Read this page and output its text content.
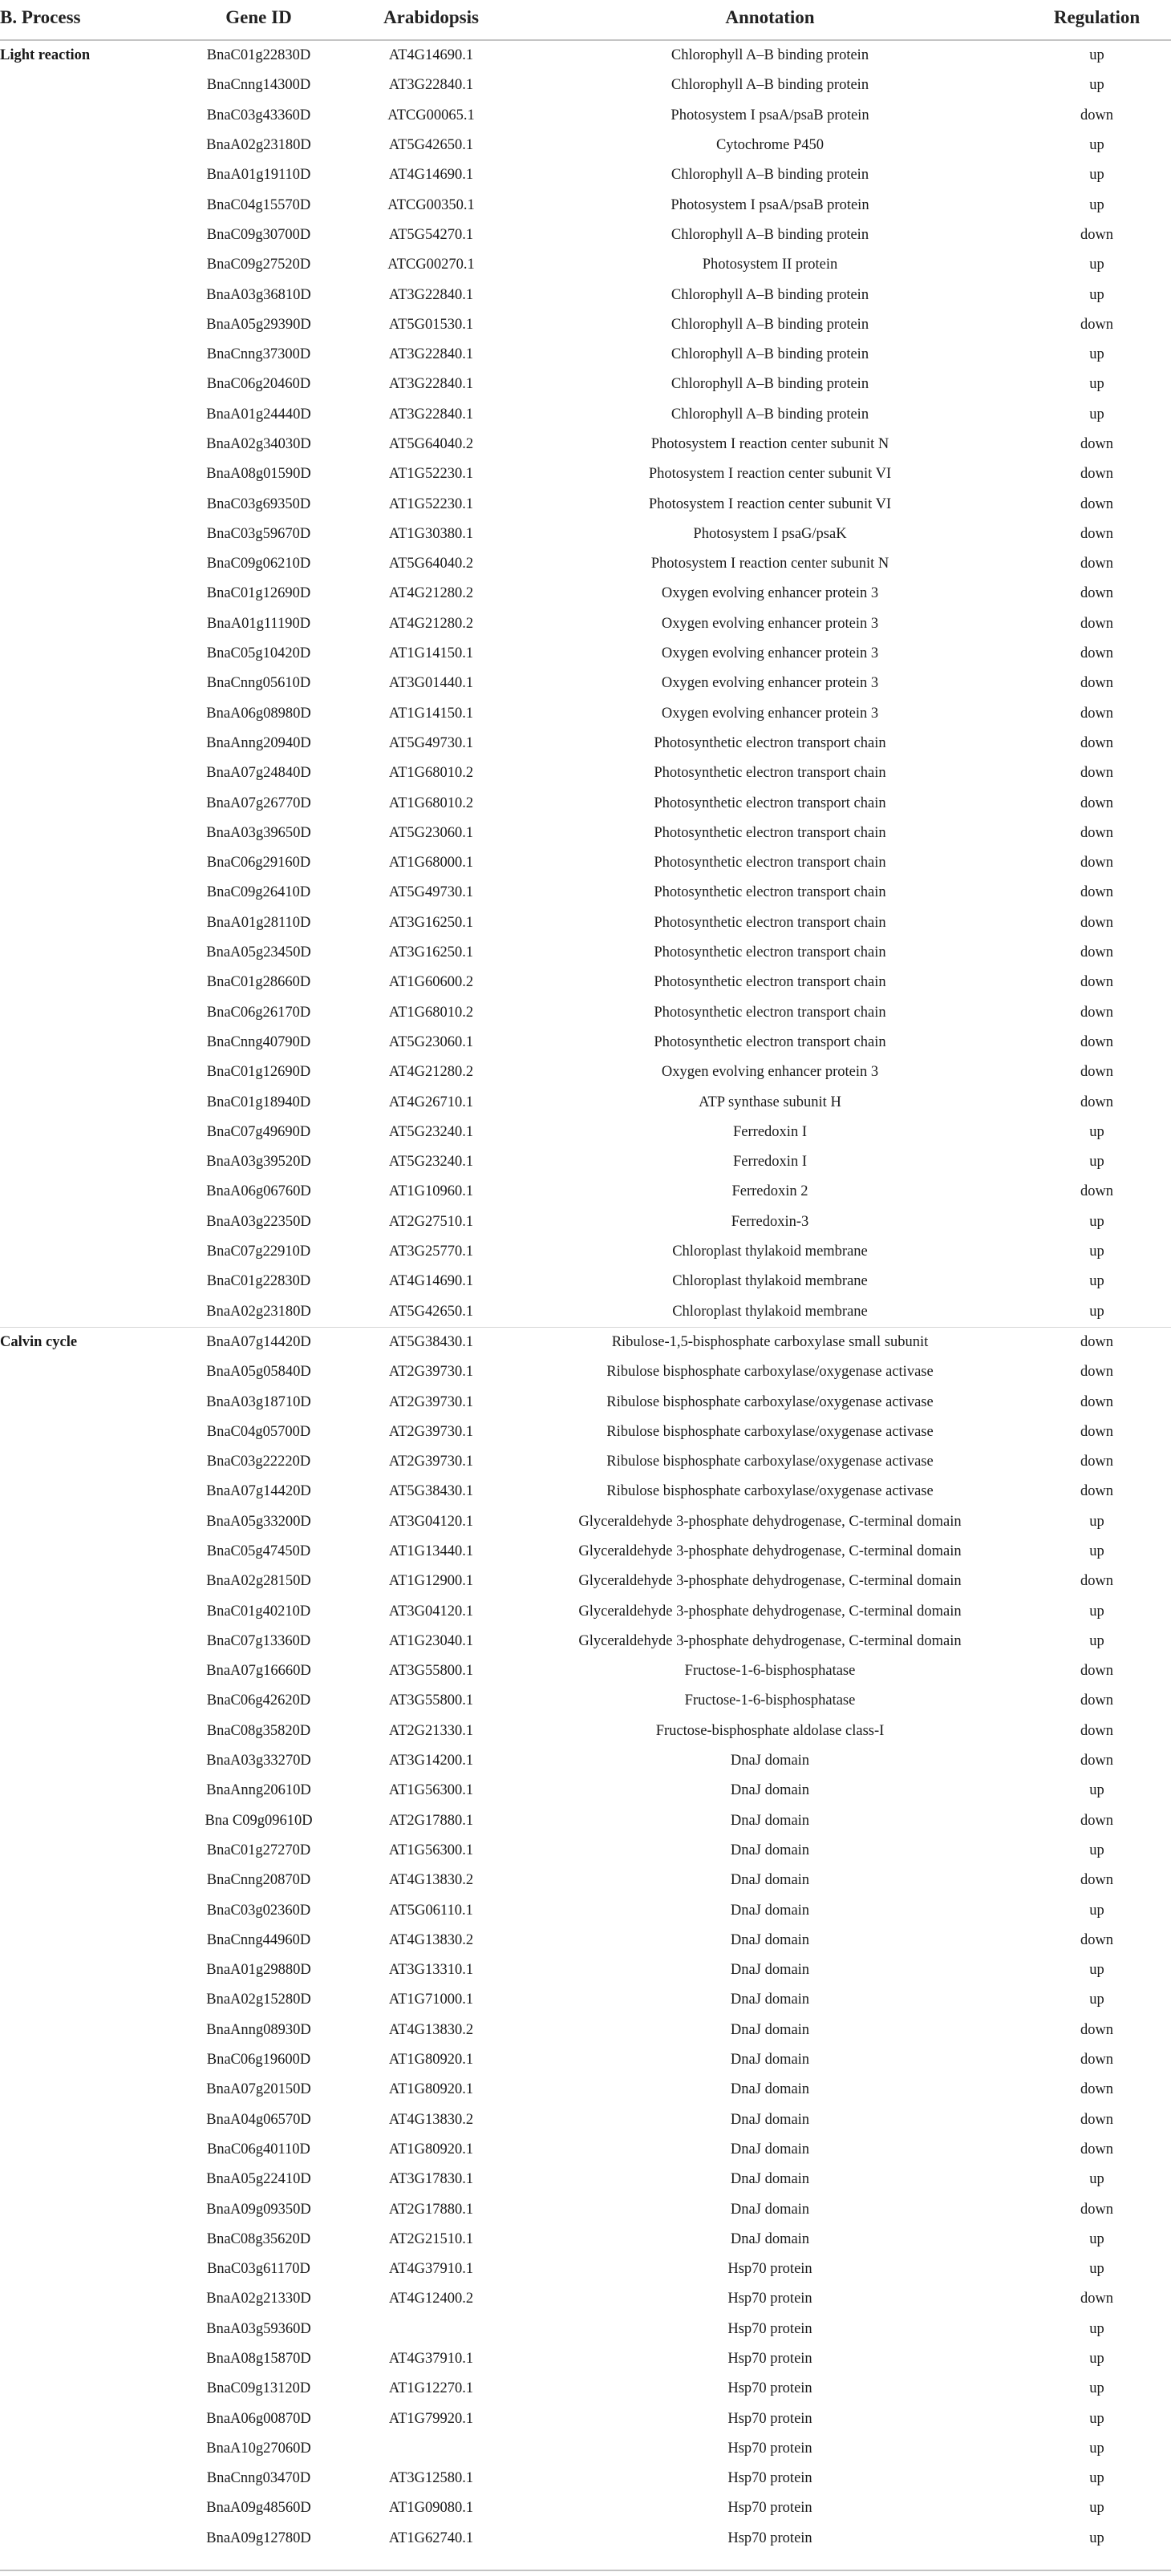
B. Process	Gene ID	Arabidopsis	Annotation	Regulation
Light reaction	BnaC01g22830D	AT4G14690.1	Chlorophyll A–B binding protein	up
	BnaCnng14300D	AT3G22840.1	Chlorophyll A–B binding protein	up
	BnaC03g43360D	ATCG00065.1	Photosystem I psaA/psaB protein	down
	BnaA02g23180D	AT5G42650.1	Cytochrome P450	up
	BnaA01g19110D	AT4G14690.1	Chlorophyll A–B binding protein	up
	BnaC04g15570D	ATCG00350.1	Photosystem I psaA/psaB protein	up
	BnaC09g30700D	AT5G54270.1	Chlorophyll A–B binding protein	down
	BnaC09g27520D	ATCG00270.1	Photosystem II protein	up
	BnaA03g36810D	AT3G22840.1	Chlorophyll A–B binding protein	up
	BnaA05g29390D	AT5G01530.1	Chlorophyll A–B binding protein	down
	BnaCnng37300D	AT3G22840.1	Chlorophyll A–B binding protein	up
	BnaC06g20460D	AT3G22840.1	Chlorophyll A–B binding protein	up
	BnaA01g24440D	AT3G22840.1	Chlorophyll A–B binding protein	up
	BnaA02g34030D	AT5G64040.2	Photosystem I reaction center subunit N	down
	BnaA08g01590D	AT1G52230.1	Photosystem I reaction center subunit VI	down
	BnaC03g69350D	AT1G52230.1	Photosystem I reaction center subunit VI	down
	BnaC03g59670D	AT1G30380.1	Photosystem I psaG/psaK	down
	BnaC09g06210D	AT5G64040.2	Photosystem I reaction center subunit N	down
	BnaC01g12690D	AT4G21280.2	Oxygen evolving enhancer protein 3	down
	BnaA01g11190D	AT4G21280.2	Oxygen evolving enhancer protein 3	down
	BnaC05g10420D	AT1G14150.1	Oxygen evolving enhancer protein 3	down
	BnaCnng05610D	AT3G01440.1	Oxygen evolving enhancer protein 3	down
	BnaA06g08980D	AT1G14150.1	Oxygen evolving enhancer protein 3	down
	BnaAnng20940D	AT5G49730.1	Photosynthetic electron transport chain	down
	BnaA07g24840D	AT1G68010.2	Photosynthetic electron transport chain	down
	BnaA07g26770D	AT1G68010.2	Photosynthetic electron transport chain	down
	BnaA03g39650D	AT5G23060.1	Photosynthetic electron transport chain	down
	BnaC06g29160D	AT1G68000.1	Photosynthetic electron transport chain	down
	BnaC09g26410D	AT5G49730.1	Photosynthetic electron transport chain	down
	BnaA01g28110D	AT3G16250.1	Photosynthetic electron transport chain	down
	BnaA05g23450D	AT3G16250.1	Photosynthetic electron transport chain	down
	BnaC01g28660D	AT1G60600.2	Photosynthetic electron transport chain	down
	BnaC06g26170D	AT1G68010.2	Photosynthetic electron transport chain	down
	BnaCnng40790D	AT5G23060.1	Photosynthetic electron transport chain	down
	BnaC01g12690D	AT4G21280.2	Oxygen evolving enhancer protein 3	down
	BnaC01g18940D	AT4G26710.1	ATP synthase subunit H	down
	BnaC07g49690D	AT5G23240.1	Ferredoxin I	up
	BnaA03g39520D	AT5G23240.1	Ferredoxin I	up
	BnaA06g06760D	AT1G10960.1	Ferredoxin 2	down
	BnaA03g22350D	AT2G27510.1	Ferredoxin-3	up
	BnaC07g22910D	AT3G25770.1	Chloroplast thylakoid membrane	up
	BnaC01g22830D	AT4G14690.1	Chloroplast thylakoid membrane	up
	BnaA02g23180D	AT5G42650.1	Chloroplast thylakoid membrane	up
Calvin cycle	BnaA07g14420D	AT5G38430.1	Ribulose-1,5-bisphosphate carboxylase small subunit	down
	BnaA05g05840D	AT2G39730.1	Ribulose bisphosphate carboxylase/oxygenase activase	down
	BnaA03g18710D	AT2G39730.1	Ribulose bisphosphate carboxylase/oxygenase activase	down
	BnaC04g05700D	AT2G39730.1	Ribulose bisphosphate carboxylase/oxygenase activase	down
	BnaC03g22220D	AT2G39730.1	Ribulose bisphosphate carboxylase/oxygenase activase	down
	BnaA07g14420D	AT5G38430.1	Ribulose bisphosphate carboxylase/oxygenase activase	down
	BnaA05g33200D	AT3G04120.1	Glyceraldehyde 3-phosphate dehydrogenase, C-terminal domain	up
	BnaC05g47450D	AT1G13440.1	Glyceraldehyde 3-phosphate dehydrogenase, C-terminal domain	up
	BnaA02g28150D	AT1G12900.1	Glyceraldehyde 3-phosphate dehydrogenase, C-terminal domain	down
	BnaC01g40210D	AT3G04120.1	Glyceraldehyde 3-phosphate dehydrogenase, C-terminal domain	up
	BnaC07g13360D	AT1G23040.1	Glyceraldehyde 3-phosphate dehydrogenase, C-terminal domain	up
	BnaA07g16660D	AT3G55800.1	Fructose-1-6-bisphosphatase	down
	BnaC06g42620D	AT3G55800.1	Fructose-1-6-bisphosphatase	down
	BnaC08g35820D	AT2G21330.1	Fructose-bisphosphate aldolase class-I	down
	BnaA03g33270D	AT3G14200.1	DnaJ domain	down
	BnaAnng20610D	AT1G56300.1	DnaJ domain	up
	Bna C09g09610D	AT2G17880.1	DnaJ domain	down
	BnaC01g27270D	AT1G56300.1	DnaJ domain	up
	BnaCnng20870D	AT4G13830.2	DnaJ domain	down
	BnaC03g02360D	AT5G06110.1	DnaJ domain	up
	BnaCnng44960D	AT4G13830.2	DnaJ domain	down
	BnaA01g29880D	AT3G13310.1	DnaJ domain	up
	BnaA02g15280D	AT1G71000.1	DnaJ domain	up
	BnaAnng08930D	AT4G13830.2	DnaJ domain	down
	BnaC06g19600D	AT1G80920.1	DnaJ domain	down
	BnaA07g20150D	AT1G80920.1	DnaJ domain	down
	BnaA04g06570D	AT4G13830.2	DnaJ domain	down
	BnaC06g40110D	AT1G80920.1	DnaJ domain	down
	BnaA05g22410D	AT3G17830.1	DnaJ domain	up
	BnaA09g09350D	AT2G17880.1	DnaJ domain	down
	BnaC08g35620D	AT2G21510.1	DnaJ domain	up
	BnaC03g61170D	AT4G37910.1	Hsp70 protein	up
	BnaA02g21330D	AT4G12400.2	Hsp70 protein	down
	BnaA03g59360D		Hsp70 protein	up
	BnaA08g15870D	AT4G37910.1	Hsp70 protein	up
	BnaC09g13120D	AT1G12270.1	Hsp70 protein	up
	BnaA06g00870D	AT1G79920.1	Hsp70 protein	up
	BnaA10g27060D		Hsp70 protein	up
	BnaCnng03470D	AT3G12580.1	Hsp70 protein	up
	BnaA09g48560D	AT1G09080.1	Hsp70 protein	up
	BnaA09g12780D	AT1G62740.1	Hsp70 protein	up
